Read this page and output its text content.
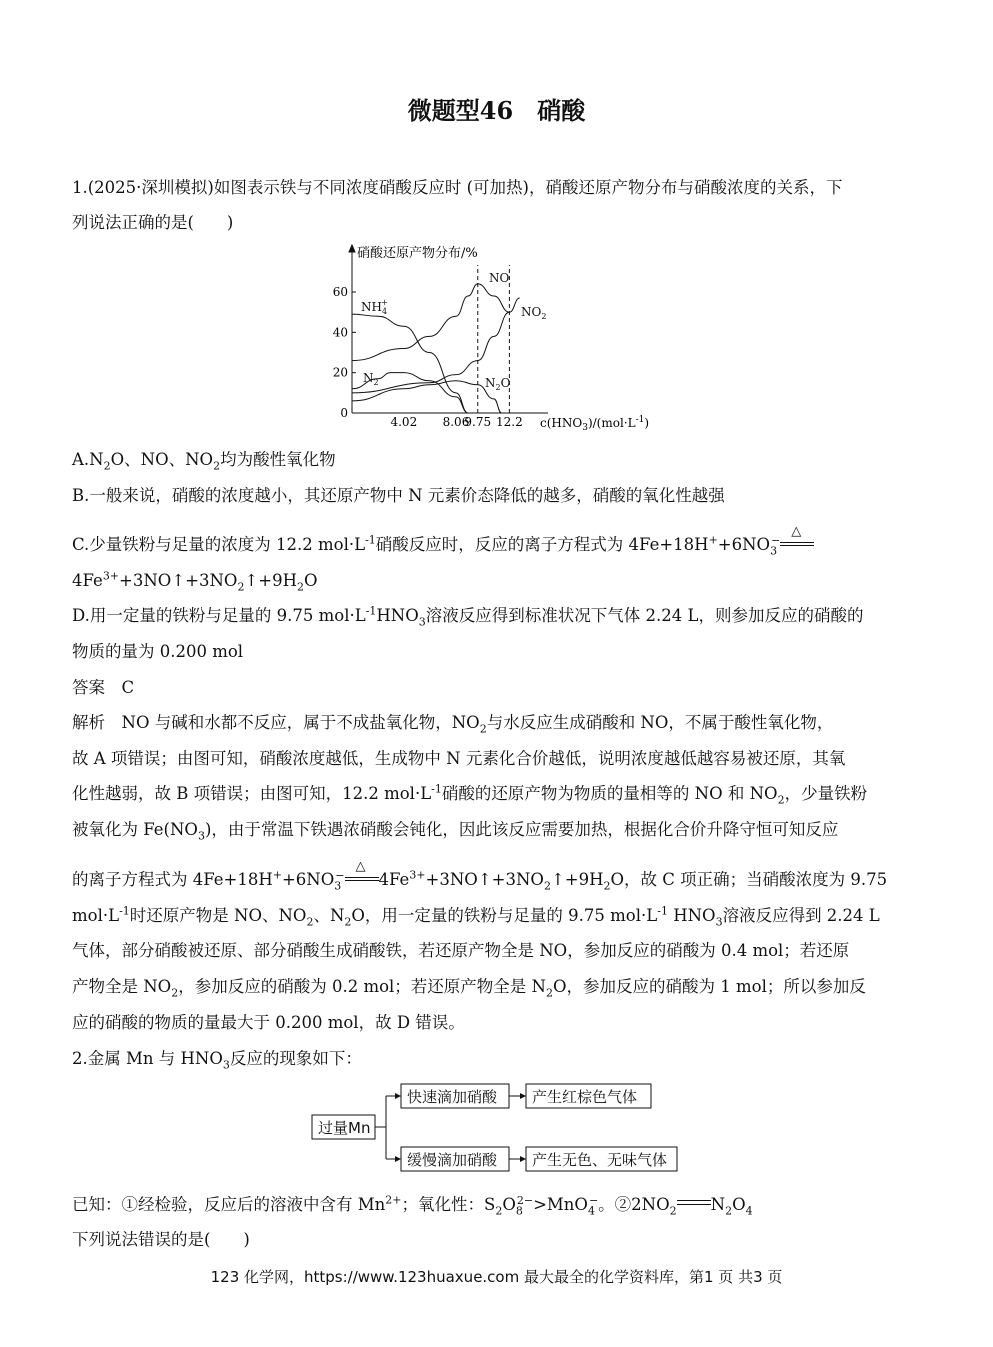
微题型46　硝酸
1.(2025·深圳模拟)如图表示铁与不同浓度硝酸反应时 (可加热)，硝酸还原产物分布与硝酸浓度的关系，下
列说法正确的是(　　)
硝酸还原产物分布/%
$c(HNO_3)/(mol\cdot L^{-1})$
0
20
40
60
4.02 8.06
9.75 12.2
NO
$NH_4+$
$NO_2$
$N_2$	$N_2O$
$A.N_2O$、NO、$NO_2$均为酸性氧化物
B.一般来说，硝酸的浓度越小，其还原产物中 N 元素价态降低的越多，硝酸的氧化性越强
C.少量铁粉与足量的浓度为 12.2 $mol\cdot L^{-1}$硝酸反应时，反应的离子方程式为 $4Fe+18H^++6NO_3^-$
△
$4Fe^{3+}+3NO↑+3NO_2↑+9H_2O$
D.用一定量的铁粉与足量的 9.75 $mol\cdot L^{-1}HNO_3$溶液反应得到标准状况下气体 2.24 L，则参加反应的硝酸的
物质的量为 0.200 mol
答案　C
解析　NO 与碱和水都不反应，属于不成盐氧化物，$NO_2$与水反应生成硝酸和 NO，不属于酸性氧化物，
故 A 项错误；由图可知，硝酸浓度越低，生成物中 N 元素化合价越低，说明浓度越低越容易被还原，其氧
化性越弱，故 B 项错误；由图可知，12.2 $mol\cdot L^{-1}$硝酸的还原产物为物质的量相等的 NO 和 $NO_2$，少量铁粉
被氧化为 $Fe(NO_3)$，由于常温下铁遇浓硝酸会钝化，因此该反应需要加热，根据化合价升降守恒可知反应
的离子方程式为 $4Fe+18H^++6NO_3^-$
△
$4Fe^{3+}+3NO↑+3NO_2↑+9H_2O$，故 C 项正确；当硝酸浓度为 9.75
$mol\cdot L^{-1}$时还原产物是 NO、$NO_2$、$N_2O$，用一定量的铁粉与足量的 9.75 $mol\cdot L^{-1}$ $HNO_3$溶液反应得到 2.24 L
气体，部分硝酸被还原、部分硝酸生成硝酸铁，若还原产物全是 NO，参加反应的硝酸为 0.4 mol；若还原
产物全是 $NO_2$，参加反应的硝酸为 0.2 mol；若还原产物全是 $N_2O$，参加反应的硝酸为 1 mol；所以参加反
应的硝酸的物质的量最大于 0.200 mol，故 D 错误。
2.金属 Mn 与 $HNO_3$反应的现象如下：
过量Mn
快速滴加硝酸
缓慢滴加硝酸
产生红棕色气体
产生无色、无味气体
已知：①经检验，反应后的溶液中含有 $Mn^{2+}$；氧化性：$S_2O_8^{2-}>MnO_4^-$。$②2NO_2$ $N_2O_4$
下列说法错误的是(　　)
123 化学网，https://www.123huaxue.com 最大最全的化学资料库，第1 页 共3 页
